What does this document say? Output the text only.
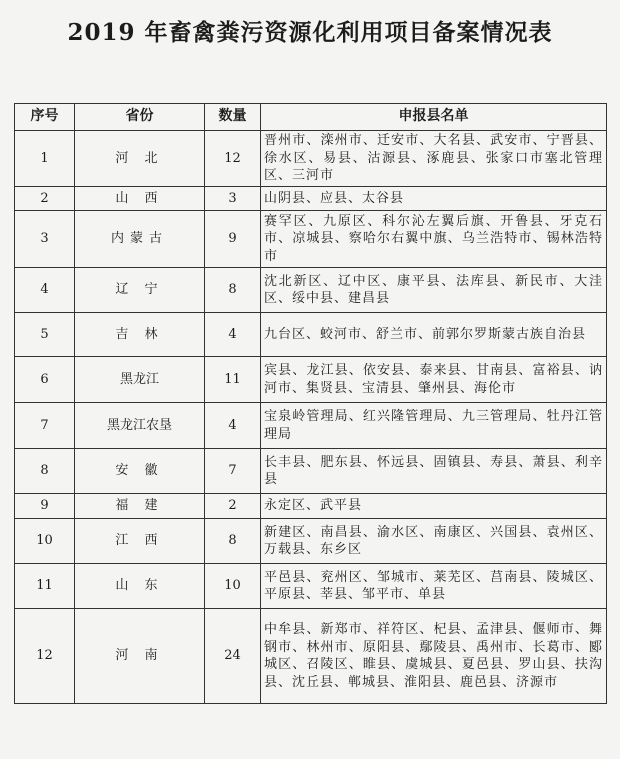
2019 年畜禽粪污资源化利用项目备案情况表
序号	省份	数量	申报县名单
1	河 北	12	晋州市、滦州市、迁安市、大名县、武安市、宁晋县、徐水区、易县、沽源县、涿鹿县、张家口市塞北管理区、三河市
2	山 西	3	山阴县、应县、太谷县
3	内蒙古	9	赛罕区、九原区、科尔沁左翼后旗、开鲁县、牙克石市、凉城县、察哈尔右翼中旗、乌兰浩特市、锡林浩特市
4	辽 宁	8	沈北新区、辽中区、康平县、法库县、新民市、大洼区、绥中县、建昌县
5	吉 林	4	九台区、蛟河市、舒兰市、前郭尔罗斯蒙古族自治县
6	黑龙江	11	宾县、龙江县、依安县、泰来县、甘南县、富裕县、讷河市、集贤县、宝清县、肇州县、海伦市
7	黑龙江农垦	4	宝泉岭管理局、红兴隆管理局、九三管理局、牡丹江管理局
8	安 徽	7	长丰县、肥东县、怀远县、固镇县、寿县、萧县、利辛县
9	福 建	2	永定区、武平县
10	江 西	8	新建区、南昌县、渝水区、南康区、兴国县、袁州区、万载县、东乡区
11	山 东	10	平邑县、兖州区、邹城市、莱芜区、莒南县、陵城区、平原县、莘县、邹平市、单县
12	河 南	24	中牟县、新郑市、祥符区、杞县、孟津县、偃师市、舞钢市、林州市、原阳县、鄢陵县、禹州市、长葛市、郾城区、召陵区、睢县、虞城县、夏邑县、罗山县、扶沟县、沈丘县、郸城县、淮阳县、鹿邑县、济源市
